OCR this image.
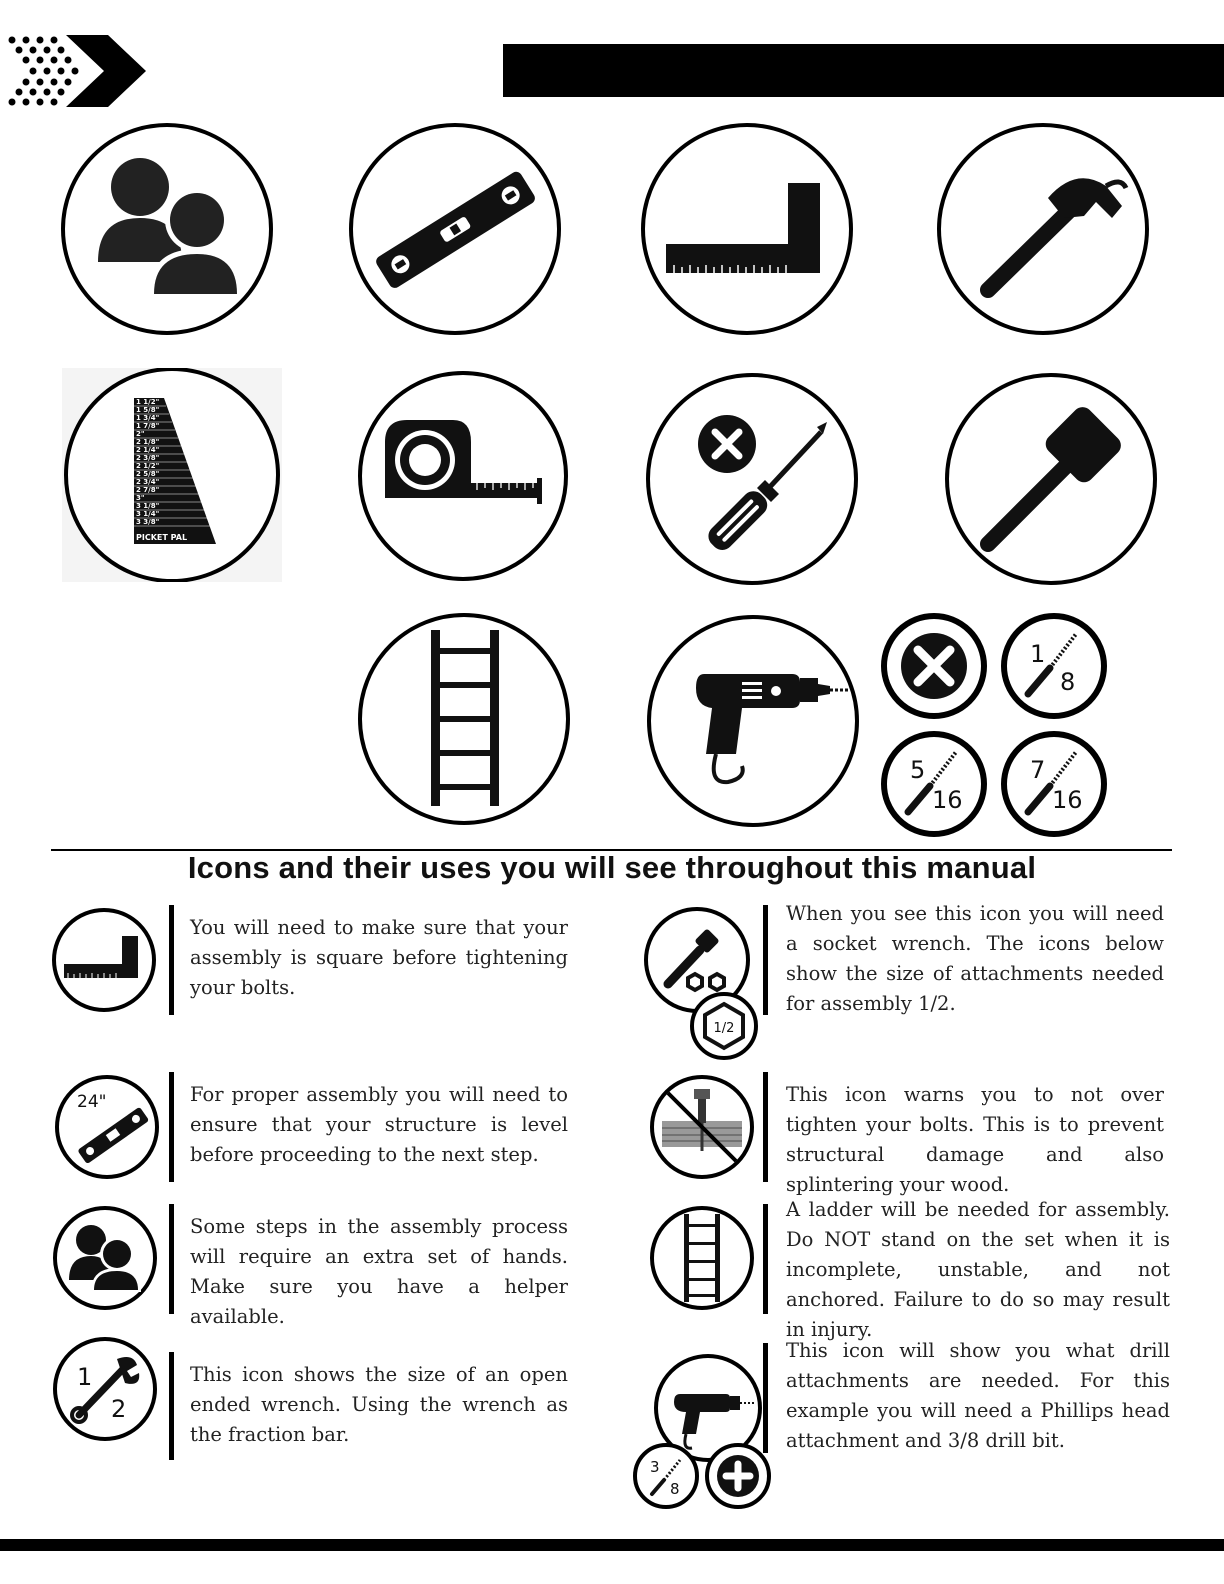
1 1/2"
1 5/8"
1 3/4"
1 7/8"
2"
2 1/8"
2 1/4"
2 3/8"
2 1/2"
2 5/8"
2 3/4"
2 7/8"
3"
3 1/8"
3 1/4"
3 3/8"
PICKET PAL
1
8
5
16
7
16
Icons and their uses you will see throughout this manual
You will need to make sure that your assembly is square before tightening your bolts.
24"	For proper assembly you will need to ensure that your structure is level before proceeding to the next step.
Some steps in the assembly process will require an extra set of hands. Make sure you have a helper available.
1
2
This icon shows the size of an open ended wrench. Using the wrench as the fraction bar.
1/2
When you see this icon you will need a socket wrench. The icons below show the size of attachments needed for assembly 1/2.
This icon warns you to not over tighten your bolts. This is to prevent structural damage and also splintering your wood.
A ladder will be needed for assembly. Do NOT stand on the set when it is incomplete, unstable, and not anchored. Failure to do so may result in injury.
3
8
This icon will show you what drill attachments are needed. For this example you will need a Phillips head attachment and 3/8 drill bit.
